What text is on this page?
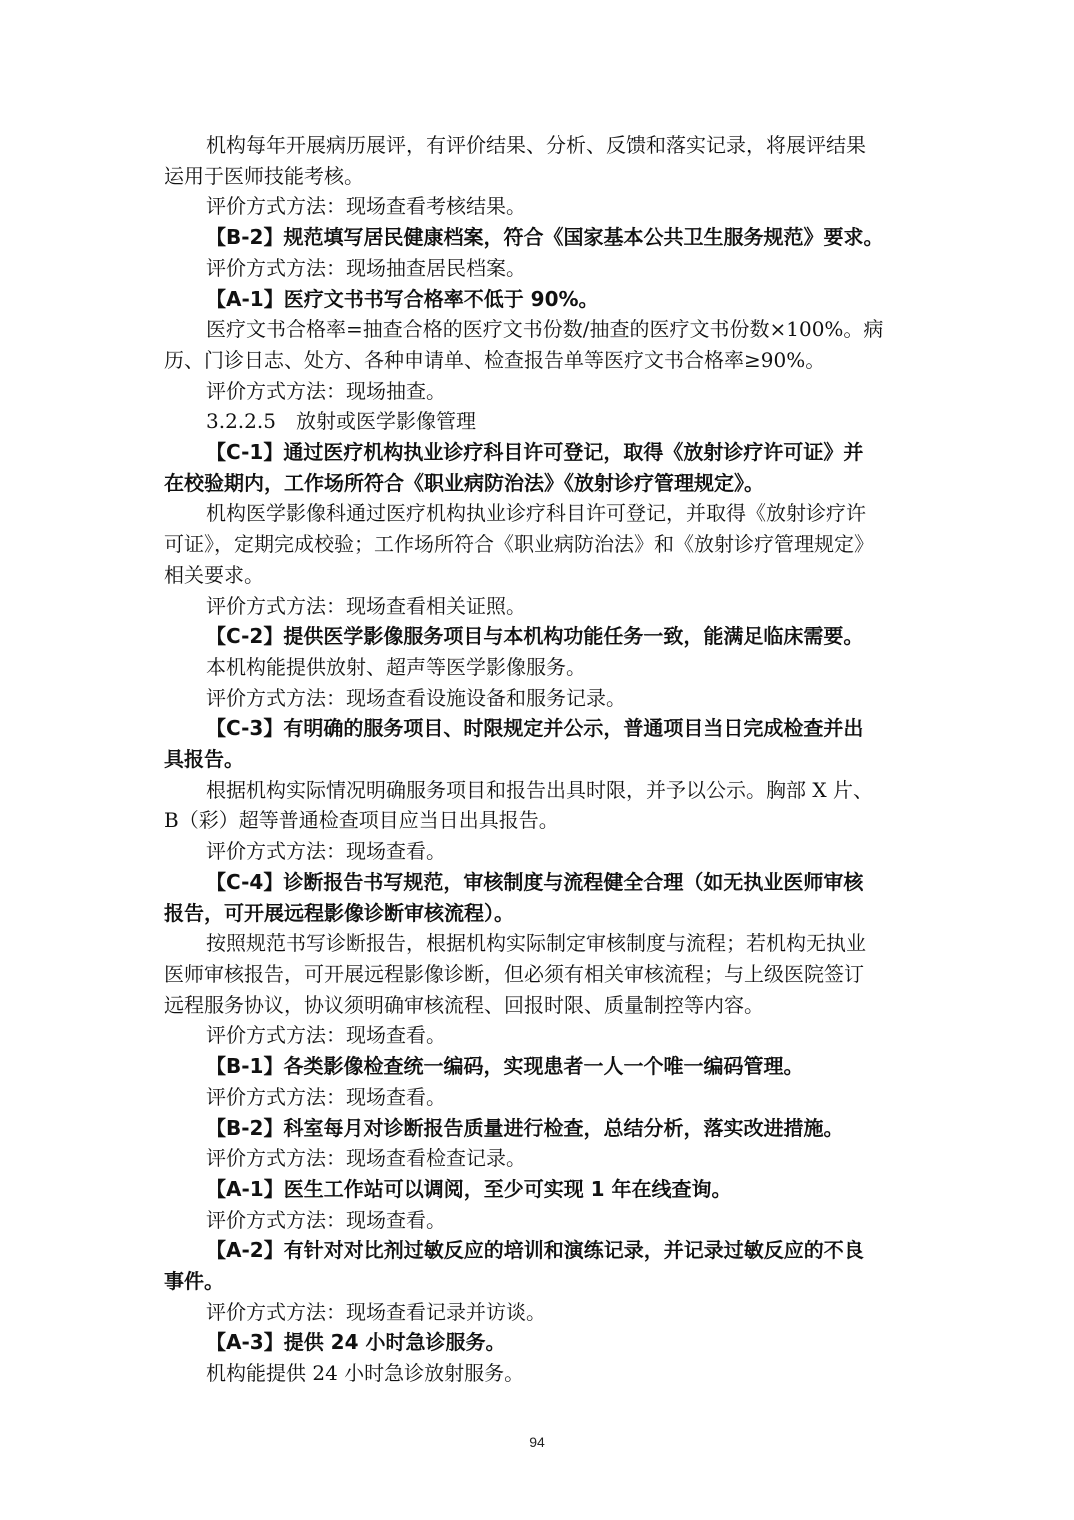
机构每年开展病历展评，有评价结果、分析、反馈和落实记录，将展评结果

运用于医师技能考核。

评价方式方法：现场查看考核结果。

【B-2】规范填写居民健康档案，符合《国家基本公共卫生服务规范》要求。

评价方式方法：现场抽查居民档案。

【A-1】医疗文书书写合格率不低于 90%。

医疗文书合格率=抽查合格的医疗文书份数/抽查的医疗文书份数×100%。病

历、门诊日志、处方、各种申请单、检查报告单等医疗文书合格率≥90%。

评价方式方法：现场抽查。

3.2.2.5　放射或医学影像管理

【C-1】通过医疗机构执业诊疗科目许可登记，取得《放射诊疗许可证》并

在校验期内，工作场所符合《职业病防治法》《放射诊疗管理规定》。

机构医学影像科通过医疗机构执业诊疗科目许可登记，并取得《放射诊疗许

可证》，定期完成校验；工作场所符合《职业病防治法》和《放射诊疗管理规定》

相关要求。

评价方式方法：现场查看相关证照。

【C-2】提供医学影像服务项目与本机构功能任务一致，能满足临床需要。

本机构能提供放射、超声等医学影像服务。

评价方式方法：现场查看设施设备和服务记录。

【C-3】有明确的服务项目、时限规定并公示，普通项目当日完成检查并出

具报告。

根据机构实际情况明确服务项目和报告出具时限，并予以公示。胸部 X 片、

B（彩）超等普通检查项目应当日出具报告。

评价方式方法：现场查看。

【C-4】诊断报告书写规范，审核制度与流程健全合理（如无执业医师审核

报告，可开展远程影像诊断审核流程）。

按照规范书写诊断报告，根据机构实际制定审核制度与流程；若机构无执业

医师审核报告，可开展远程影像诊断，但必须有相关审核流程；与上级医院签订

远程服务协议，协议须明确审核流程、回报时限、质量制控等内容。

评价方式方法：现场查看。

【B-1】各类影像检查统一编码，实现患者一人一个唯一编码管理。

评价方式方法：现场查看。

【B-2】科室每月对诊断报告质量进行检查，总结分析，落实改进措施。

评价方式方法：现场查看检查记录。

【A-1】医生工作站可以调阅，至少可实现 1 年在线查询。

评价方式方法：现场查看。

【A-2】有针对对比剂过敏反应的培训和演练记录，并记录过敏反应的不良

事件。

评价方式方法：现场查看记录并访谈。

【A-3】提供 24 小时急诊服务。

机构能提供 24 小时急诊放射服务。

94
